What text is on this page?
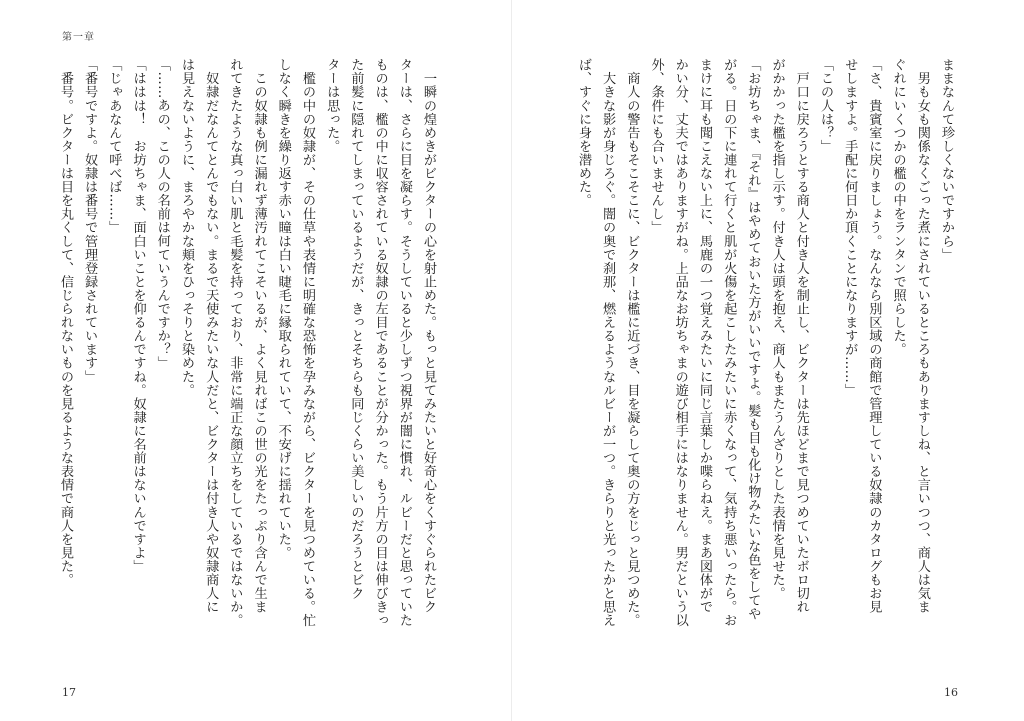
第一章
　一瞬の煌めきがビクターの心を射止めた。もっと見てみたいと好奇心をくすぐられたビク
ターは、さらに目を凝らす。そうしていると少しずつ視界が闇に慣れ、ルビーだと思っていた
ものは、檻の中に収容されている奴隷の左目であることが分かった。もう片方の目は伸びきっ
た前髪に隠れてしまっているようだが、きっとそちらも同じくらい美しいのだろうとビク
ターは思った。
　檻の中の奴隷が、その仕草や表情に明確な恐怖を孕みながら、ビクターを見つめている。忙
しなく瞬きを繰り返す赤い瞳は白い睫毛に縁取られていて、不安げに揺れていた。
　この奴隷も例に漏れず薄汚れてこそいるが、よく見ればこの世の光をたっぷり含んで生ま
れてきたような真っ白い肌と毛髪を持っており、非常に端正な顔立ちをしているではないか。
　奴隷だなんてとんでもない。まるで天使みたいな人だと、ビクターは付き人や奴隷商人に
は見えないように、まろやかな頬をひっそりと染めた。
「……あの、この人の名前は何ていうんですか？」
「ははは！　お坊ちゃま、面白いことを仰るんですね。奴隷に名前はないんですよ」
「じゃあなんて呼べば……」
「番号ですよ。奴隷は番号で管理登録されています」
　番号。ビクターは目を丸くして、信じられないものを見るような表情で商人を見た。	ままなんて珍しくないですから」
　男も女も関係なくごった煮にされているところもありますしね、と言いつつ、商人は気ま
ぐれにいくつかの檻の中をランタンで照らした。
「さ、貴賓室に戻りましょう。なんなら別区域の商館で管理している奴隷のカタログもお見
せしますよ。手配に何日か頂くことになりますが……」
「この人は？」
　戸口に戻ろうとする商人と付き人を制止し、ビクターは先ほどまで見つめていたボロ切れ
がかかった檻を指し示す。付き人は頭を抱え、商人もまたうんざりとした表情を見せた。
「お坊ちゃま、『それ』はやめておいた方がいいですよ。髪も目も化け物みたいな色をしてや
がる。日の下に連れて行くと肌が火傷を起こしたみたいに赤くなって、気持ち悪いったら。お
まけに耳も聞こえない上に、馬鹿の一つ覚えみたいに同じ言葉しか喋らねえ。まあ図体がで
かい分、丈夫ではありますがね。上品なお坊ちゃまの遊び相手にはなりません。男だという以
外、条件にも合いませんし」
　商人の警告もそこそこに、ビクターは檻に近づき、目を凝らして奥の方をじっと見つめた。
　大きな影が身じろぐ。闇の奥で刹那、燃えるようなルビーが一つ。きらりと光ったかと思え
ば、すぐに身を潜めた。
17	16
